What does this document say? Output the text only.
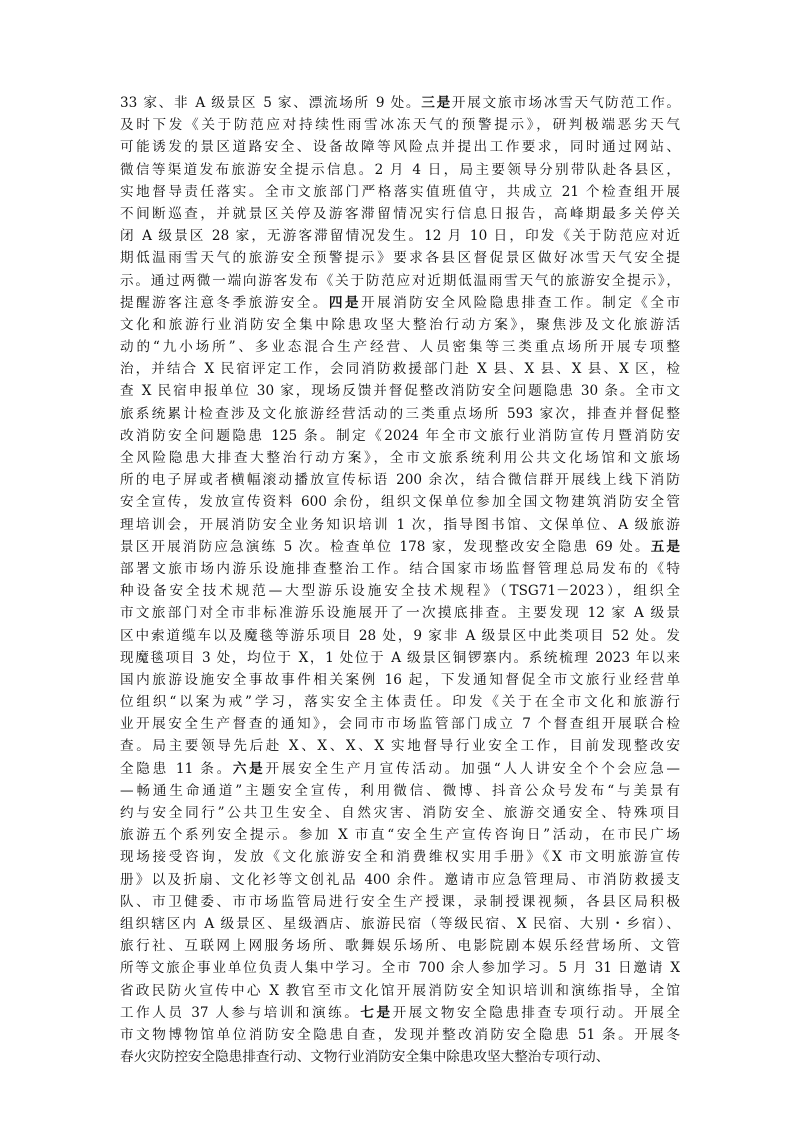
33 家、非 A 级景区 5 家、漂流场所 9 处。三是开展文旅市场冰雪天气防范工作。
及时下发《关于防范应对持续性雨雪冰冻天气的预警提示》，研判极端恶劣天气
可能诱发的景区道路安全、设备故障等风险点并提出工作要求，同时通过网站、
微信等渠道发布旅游安全提示信息。2 月 4 日，局主要领导分别带队赴各县区，
实地督导责任落实。全市文旅部门严格落实值班值守，共成立 21 个检查组开展
不间断巡查，并就景区关停及游客滞留情况实行信息日报告，高峰期最多关停关
闭 A 级景区 28 家，无游客滞留情况发生。12 月 10 日，印发《关于防范应对近
期低温雨雪天气的旅游安全预警提示》要求各县区督促景区做好冰雪天气安全提
示。通过两微一端向游客发布《关于防范应对近期低温雨雪天气的旅游安全提示》，
提醒游客注意冬季旅游安全。四是开展消防安全风险隐患排查工作。制定《全市
文化和旅游行业消防安全集中除患攻坚大整治行动方案》，聚焦涉及文化旅游活
动的“九小场所”、多业态混合生产经营、人员密集等三类重点场所开展专项整
治，并结合 X 民宿评定工作，会同消防救援部门赴 X 县、X 县、X 县、X 区，检
查 X 民宿申报单位 30 家，现场反馈并督促整改消防安全问题隐患 30 条。全市文
旅系统累计检查涉及文化旅游经营活动的三类重点场所 593 家次，排查并督促整
改消防安全问题隐患 125 条。制定《2024 年全市文旅行业消防宣传月暨消防安
全风险隐患大排查大整治行动方案》，全市文旅系统利用公共文化场馆和文旅场
所的电子屏或者横幅滚动播放宣传标语 200 余次，结合微信群开展线上线下消防
安全宣传，发放宣传资料 600 余份，组织文保单位参加全国文物建筑消防安全管
理培训会，开展消防安全业务知识培训 1 次，指导图书馆、文保单位、A 级旅游
景区开展消防应急演练 5 次。检查单位 178 家，发现整改安全隐患 69 处。五是
部署文旅市场内游乐设施排查整治工作。结合国家市场监督管理总局发布的《特
种设备安全技术规范—大型游乐设施安全技术规程》（TSG71－2023），组织全
市文旅部门对全市非标准游乐设施展开了一次摸底排查。主要发现 12 家 A 级景
区中索道缆车以及魔毯等游乐项目 28 处，9 家非 A 级景区中此类项目 52 处。发
现魔毯项目 3 处，均位于 X，1 处位于 A 级景区铜锣寨内。系统梳理 2023 年以来
国内旅游设施安全事故事件相关案例 16 起，下发通知督促全市文旅行业经营单
位组织“以案为戒”学习，落实安全主体责任。印发《关于在全市文化和旅游行
业开展安全生产督查的通知》，会同市市场监管部门成立 7 个督查组开展联合检
查。局主要领导先后赴 X、X、X、X 实地督导行业安全工作，目前发现整改安
全隐患 11 条。六是开展安全生产月宣传活动。加强“人人讲安全个个会应急—
—畅通生命通道”主题安全宣传，利用微信、微博、抖音公众号发布“与美景有
约与安全同行”公共卫生安全、自然灾害、消防安全、旅游交通安全、特殊项目
旅游五个系列安全提示。参加 X 市直“安全生产宣传咨询日”活动，在市民广场
现场接受咨询，发放《文化旅游安全和消费维权实用手册》《X 市文明旅游宣传
册》以及折扇、文化衫等文创礼品 400 余件。邀请市应急管理局、市消防救援支
队、市卫健委、市市场监管局进行安全生产授课，录制授课视频，各县区局积极
组织辖区内 A 级景区、星级酒店、旅游民宿（等级民宿、X 民宿、大别・乡宿）、
旅行社、互联网上网服务场所、歌舞娱乐场所、电影院剧本娱乐经营场所、文管
所等文旅企事业单位负责人集中学习。全市 700 余人参加学习。5 月 31 日邀请 X
省政民防火宣传中心 X 教官至市文化馆开展消防安全知识培训和演练指导，全馆
工作人员 37 人参与培训和演练。七是开展文物安全隐患排查专项行动。开展全
市文物博物馆单位消防安全隐患自查，发现并整改消防安全隐患 51 条。开展冬
春火灾防控安全隐患排查行动、文物行业消防安全集中除患攻坚大整治专项行动、
